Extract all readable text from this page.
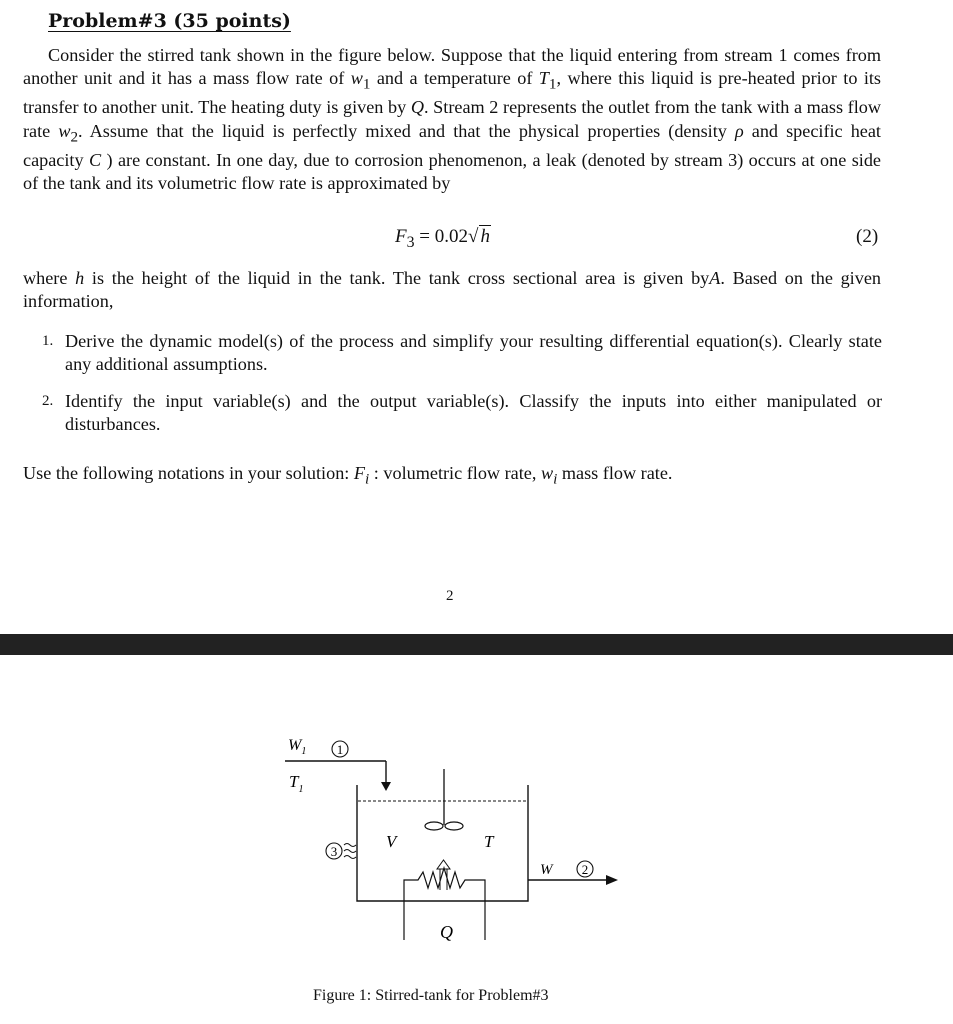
Problem#3 (35 points)
Consider the stirred tank shown in the figure below. Suppose that the liquid entering from stream 1 comes from another unit and it has a mass flow rate of $w_1$ and a temperature of $T_1$, where this liquid is pre-heated prior to its transfer to another unit. The heating duty is given by Q. Stream 2 represents the outlet from the tank with a mass flow rate $w_2$. Assume that the liquid is perfectly mixed and that the physical properties (density ρ and specific heat capacity C ) are constant. In one day, due to corrosion phenomenon, a leak (denoted by stream 3) occurs at one side of the tank and its volumetric flow rate is approximated by
$F_3 = 0.02√$ h	(2)
where h is the height of the liquid in the tank. The tank cross sectional area is given byA. Based on the given information,
1. Derive the dynamic model(s) of the process and simplify your resulting differential equation(s). Clearly state any additional assumptions.
2. Identify the input variable(s) and the output variable(s). Classify the inputs into either manipulated or disturbances.
Use the following notations in your solution: $F_i$ : volumetric flow rate, $w_i$ mass flow rate.
2
$W_1$
$T_1$
1
V	T
3
Q
W 2
Figure 1: Stirred-tank for Problem#3
